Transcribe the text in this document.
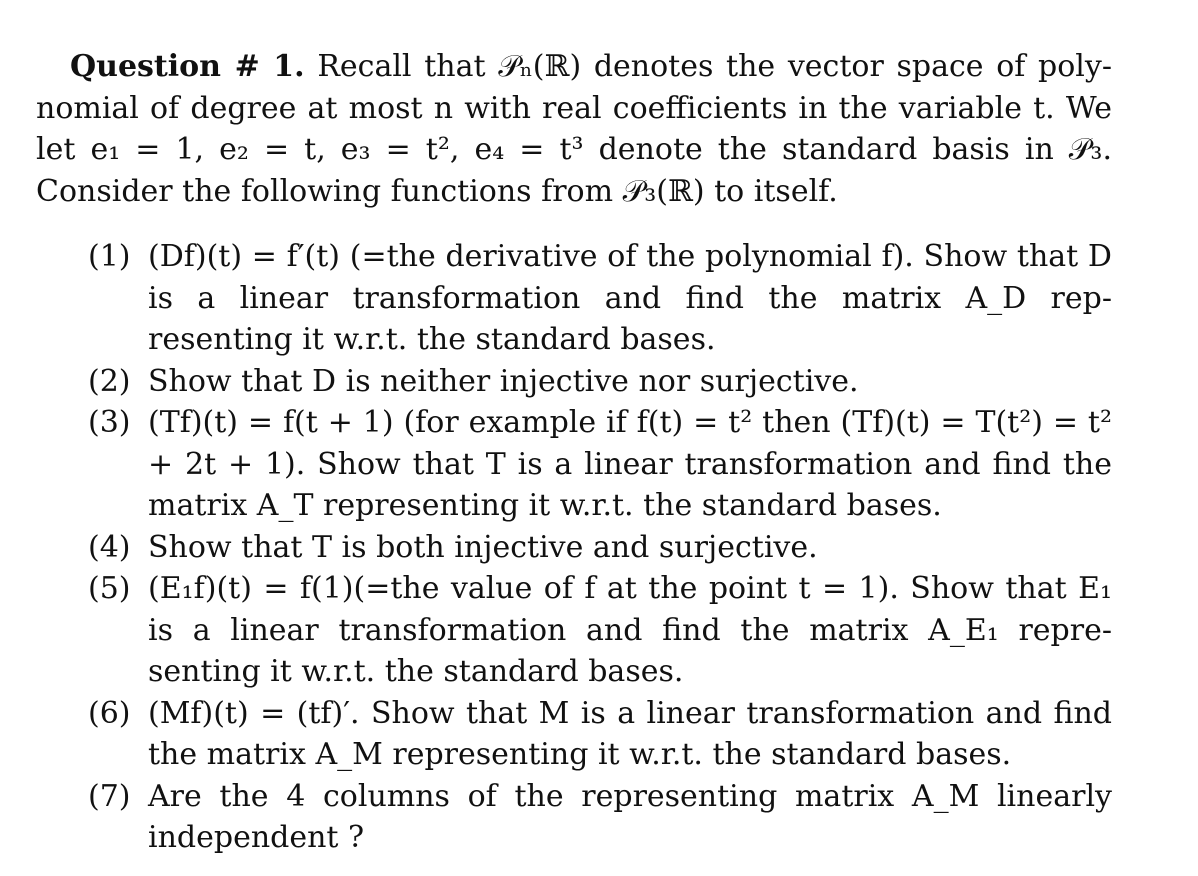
Question # 1. Recall that 𝒫ₙ(ℝ) denotes the vector space of polynomial of degree at most n with real coefficients in the variable t. We let e₁ = 1, e₂ = t, e₃ = t², e₄ = t³ denote the standard basis in 𝒫₃. Consider the following functions from 𝒫₃(ℝ) to itself.

(1) (Df)(t) = f′(t) (=the derivative of the polynomial f). Show that D is a linear transformation and find the matrix A_D representing it w.r.t. the standard bases.
(2) Show that D is neither injective nor surjective.
(3) (Tf)(t) = f(t + 1) (for example if f(t) = t² then (Tf)(t) = T(t²) = t² + 2t + 1). Show that T is a linear transformation and find the matrix A_T representing it w.r.t. the standard bases.
(4) Show that T is both injective and surjective.
(5) (E₁f)(t) = f(1)(=the value of f at the point t = 1). Show that E₁ is a linear transformation and find the matrix A_E₁ representing it w.r.t. the standard bases.
(6) (Mf)(t) = (tf)′. Show that M is a linear transformation and find the matrix A_M representing it w.r.t. the standard bases.
(7) Are the 4 columns of the representing matrix A_M linearly independent ?
